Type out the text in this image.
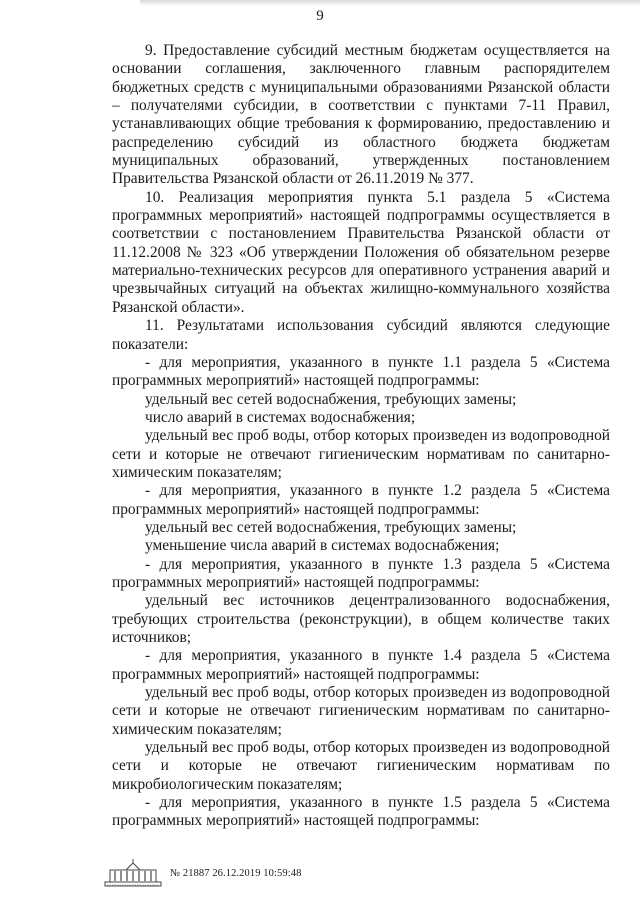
9

9. Предоставление субсидий местным бюджетам осуществляется на основании соглашения, заключенного главным распорядителем бюджетных средств с муниципальными образованиями Рязанской области – получателями субсидии, в соответствии с пунктами 7-11 Правил, устанавливающих общие требования к формированию, предоставлению и распределению субсидий из областного бюджета бюджетам муниципальных образований, утвержденных постановлением Правительства Рязанской области от 26.11.2019 № 377.

10. Реализация мероприятия пункта 5.1 раздела 5 «Система программных мероприятий» настоящей подпрограммы осуществляется в соответствии с постановлением Правительства Рязанской области от 11.12.2008 № 323 «Об утверждении Положения об обязательном резерве материально-технических ресурсов для оперативного устранения аварий и чрезвычайных ситуаций на объектах жилищно-коммунального хозяйства Рязанской области».

11. Результатами использования субсидий являются следующие показатели:

- для мероприятия, указанного в пункте 1.1 раздела 5 «Система программных мероприятий» настоящей подпрограммы:

удельный вес сетей водоснабжения, требующих замены;

число аварий в системах водоснабжения;

удельный вес проб воды, отбор которых произведен из водопроводной сети и которые не отвечают гигиеническим нормативам по санитарно-химическим показателям;

- для мероприятия, указанного в пункте 1.2 раздела 5 «Система программных мероприятий» настоящей подпрограммы:

удельный вес сетей водоснабжения, требующих замены;

уменьшение числа аварий в системах водоснабжения;

- для мероприятия, указанного в пункте 1.3 раздела 5 «Система программных мероприятий» настоящей подпрограммы:

удельный вес источников децентрализованного водоснабжения, требующих строительства (реконструкции), в общем количестве таких источников;

- для мероприятия, указанного в пункте 1.4 раздела 5 «Система программных мероприятий» настоящей подпрограммы:

удельный вес проб воды, отбор которых произведен из водопроводной сети и которые не отвечают гигиеническим нормативам по санитарно-химическим показателям;

удельный вес проб воды, отбор которых произведен из водопроводной сети и которые не отвечают гигиеническим нормативам по микробиологическим показателям;

- для мероприятия, указанного в пункте 1.5 раздела 5 «Система программных мероприятий» настоящей подпрограммы:

№ 21887 26.12.2019 10:59:48
